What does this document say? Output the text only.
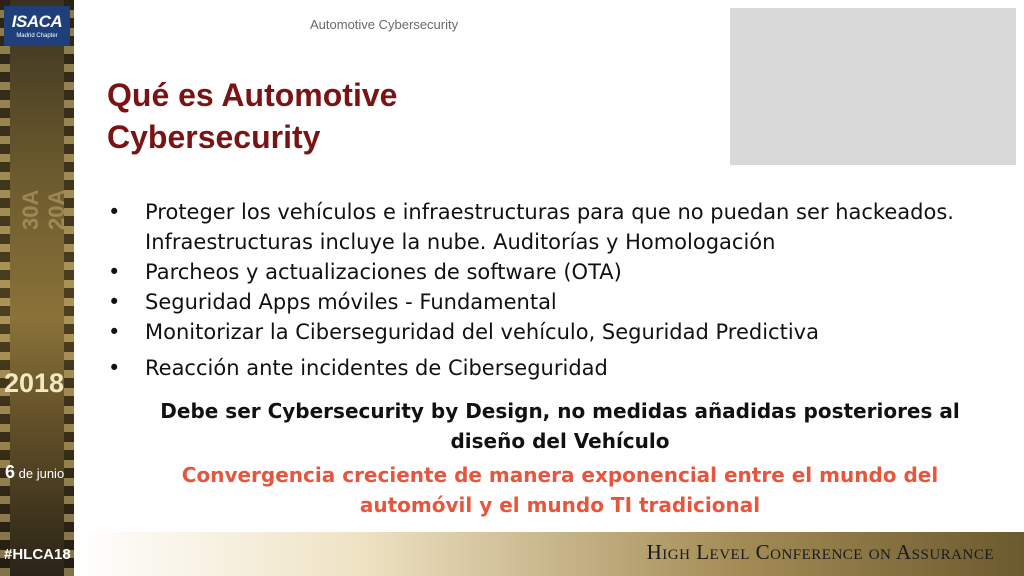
ISACA
Madrid Chapter
30A 20A
2018
6 de junio
#HLCA18	High Level Conference on Assurance
Automotive Cybersecurity
Qué es Automotive Cybersecurity
• Proteger los vehículos e infraestructuras para que no puedan ser hackeados. Infraestructuras incluye la nube. Auditorías y Homologación
• Parcheos y actualizaciones de software (OTA)
• Seguridad Apps móviles - Fundamental
• Monitorizar la Ciberseguridad del vehículo, Seguridad Predictiva
• Reacción ante incidentes de Ciberseguridad

Debe ser Cybersecurity by Design, no medidas añadidas posteriores al diseño del Vehículo

Convergencia creciente de manera exponencial entre el mundo del automóvil y el mundo TI tradicional
